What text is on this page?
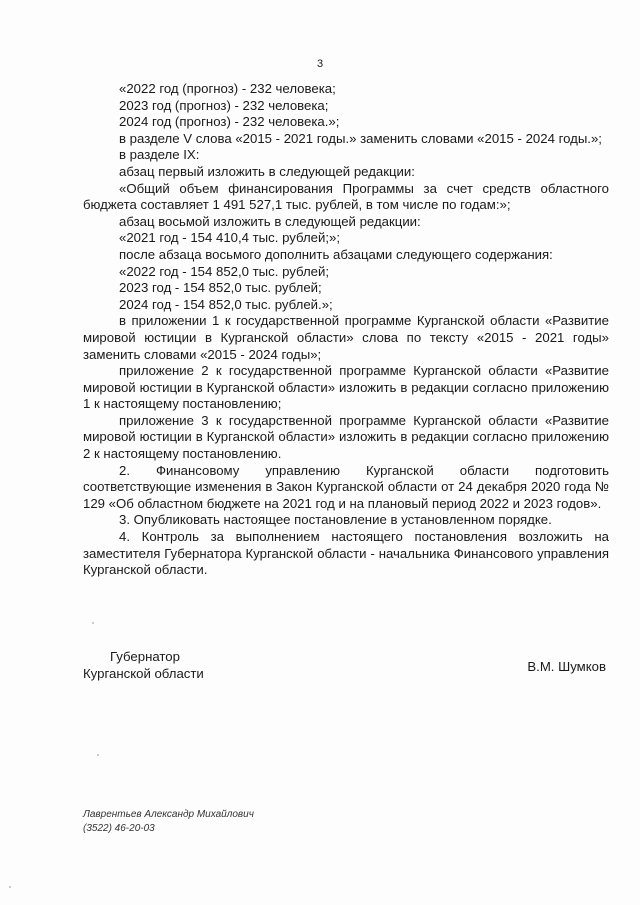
3

«2022 год (прогноз) - 232 человека;

2023 год (прогноз) - 232 человека;

2024 год (прогноз) - 232 человека.»;

в разделе V слова «2015 - 2021 годы.» заменить словами «2015 - 2024 годы.»;

в разделе IX:

абзац первый изложить в следующей редакции:

«Общий объем финансирования Программы за счет средств областного бюджета составляет 1 491 527,1 тыс. рублей, в том числе по годам:»;

абзац восьмой изложить в следующей редакции:

«2021 год - 154 410,4 тыс. рублей;»;

после абзаца восьмого дополнить абзацами следующего содержания:

«2022 год - 154 852,0 тыс. рублей;

2023 год - 154 852,0 тыс. рублей;

2024 год - 154 852,0 тыс. рублей.»;

в приложении 1 к государственной программе Курганской области «Развитие мировой юстиции в Курганской области» слова по тексту «2015 - 2021 годы» заменить словами «2015 - 2024 годы»;

приложение 2 к государственной программе Курганской области «Развитие мировой юстиции в Курганской области» изложить в редакции согласно приложению 1 к настоящему постановлению;

приложение 3 к государственной программе Курганской области «Развитие мировой юстиции в Курганской области» изложить в редакции согласно приложению 2 к настоящему постановлению.

2. Финансовому управлению Курганской области подготовить соответствующие изменения в Закон Курганской области от 24 декабря 2020 года № 129 «Об областном бюджете на 2021 год и на плановый период 2022 и 2023 годов».

3. Опубликовать настоящее постановление в установленном порядке.

4. Контроль за выполнением настоящего постановления возложить на заместителя Губернатора Курганской области - начальника Финансового управления Курганской области.

Губернатор
Курганской области	В.М. Шумков
Лаврентьев Александр Михайлович
(3522) 46-20-03
